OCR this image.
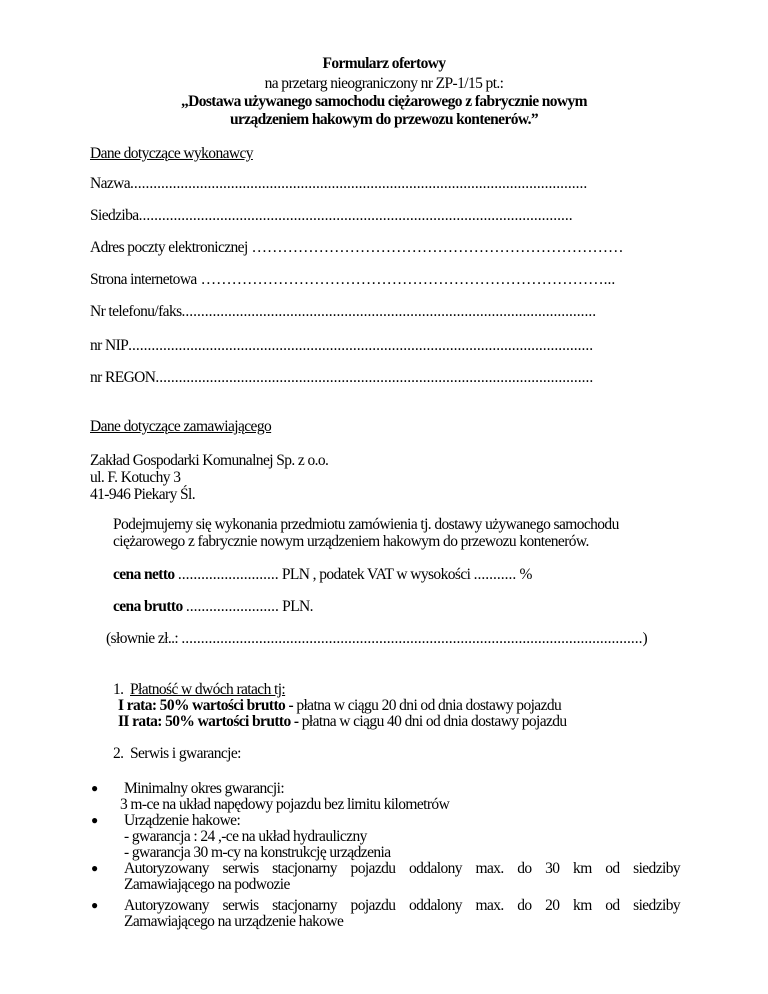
Formularz ofertowy
na przetarg nieograniczony nr ZP-1/15 pt.:
„Dostawa używanego samochodu ciężarowego z fabrycznie nowym
urządzeniem hakowym do przewozu kontenerów.”
Dane dotyczące wykonawcy
Nazwa......................................................................................................................
Siedziba................................................................................................................
Adres poczty elektronicznej ………………………………………………………………
Strona internetowa ……………………………………………………………………...
Nr telefonu/faks...........................................................................................................
nr NIP........................................................................................................................
nr REGON.................................................................................................................
Dane dotyczące zamawiającego
Zakład Gospodarki Komunalnej Sp. z o.o.
ul. F. Kotuchy 3
41-946 Piekary Śl.
Podejmujemy się wykonania przedmiotu zamówienia tj. dostawy używanego samochodu
ciężarowego z fabrycznie nowym urządzeniem hakowym do przewozu kontenerów.
cena netto .......................... PLN , podatek VAT w wysokości ........... %
cena brutto ........................ PLN.
(słownie zł..: .......................................................................................................................)
1. Płatność w dwóch ratach tj:
I rata: 50% wartości brutto - płatna w ciągu 20 dni od dnia dostawy pojazdu
II rata: 50% wartości brutto - płatna w ciągu 40 dni od dnia dostawy pojazdu
2. Serwis i gwarancje:
● Minimalny okres gwarancji:
3 m-ce na układ napędowy pojazdu bez limitu kilometrów
● Urządzenie hakowe:
- gwarancja : 24 ,-ce na układ hydrauliczny
- gwarancja 30 m-cy na konstrukcję urządzenia
● Autoryzowany serwis stacjonarny pojazdu oddalony max. do 30 km od siedziby
Zamawiającego na podwozie
● Autoryzowany serwis stacjonarny pojazdu oddalony max. do 20 km od siedziby
Zamawiającego na urządzenie hakowe
